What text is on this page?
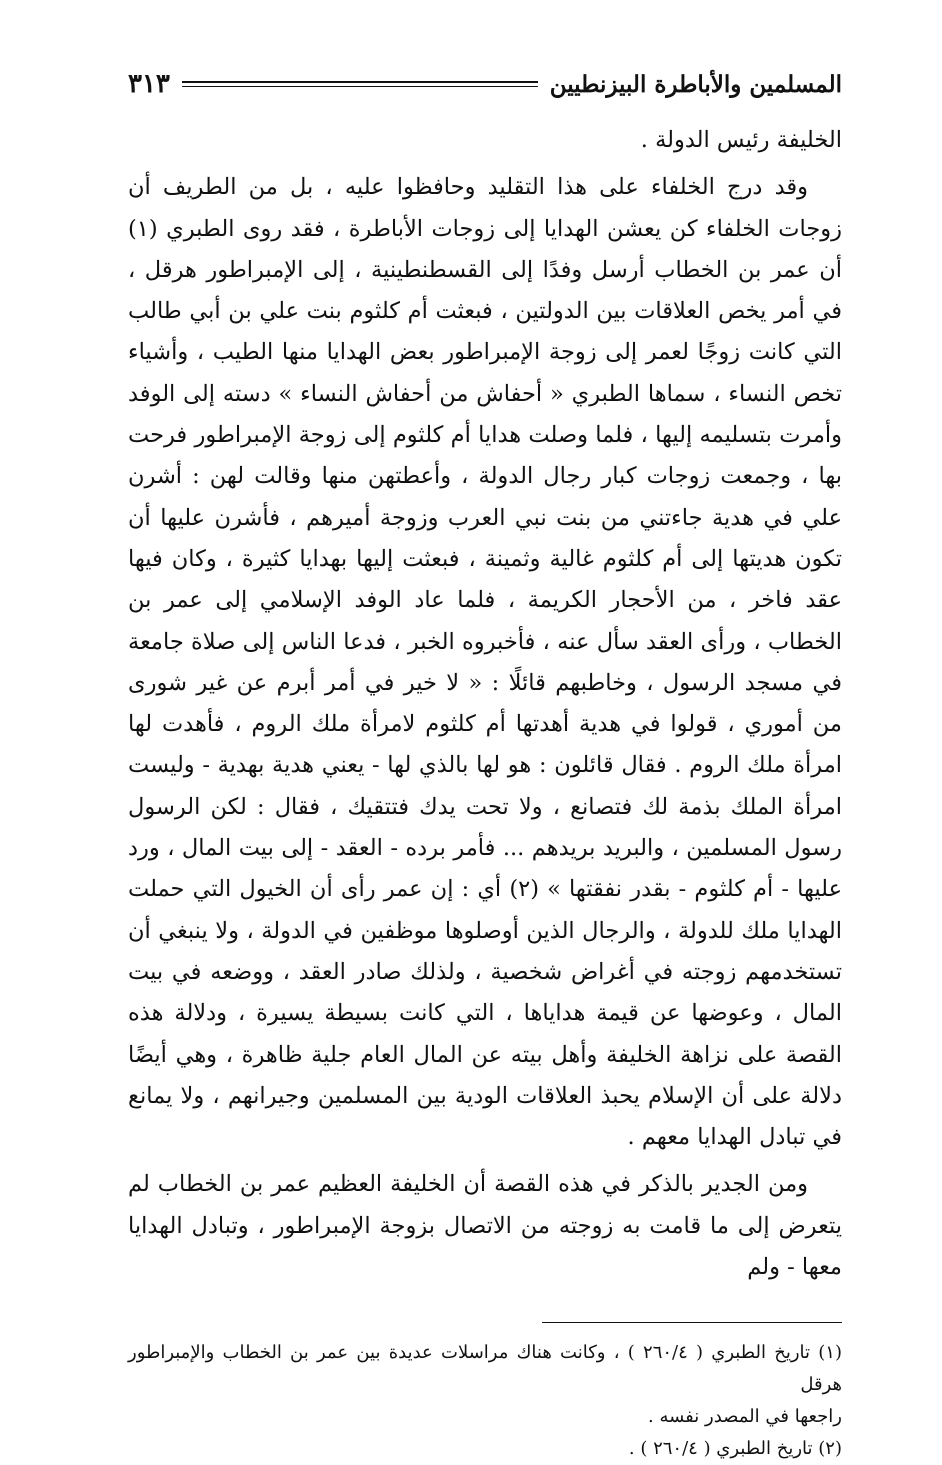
المسلمين والأباطرة البيزنطيين
٣١٣

الخليفة رئيس الدولة .

وقد درج الخلفاء على هذا التقليد وحافظوا عليه ، بل من الطريف أن زوجات الخلفاء كن يعشن الهدايا إلى زوجات الأباطرة ، فقد روى الطبري (١) أن عمر بن الخطاب أرسل وفدًا إلى القسطنطينية ، إلى الإمبراطور هرقل ، في أمر يخص العلاقات بين الدولتين ، فبعثت أم كلثوم بنت علي بن أبي طالب التي كانت زوجًا لعمر إلى زوجة الإمبراطور بعض الهدايا منها الطيب ، وأشياء تخص النساء ، سماها الطبري « أحفاش من أحفاش النساء » دسته إلى الوفد وأمرت بتسليمه إليها ، فلما وصلت هدايا أم كلثوم إلى زوجة الإمبراطور فرحت بها ، وجمعت زوجات كبار رجال الدولة ، وأعطتهن منها وقالت لهن : أشرن علي في هدية جاءتني من بنت نبي العرب وزوجة أميرهم ، فأشرن عليها أن تكون هديتها إلى أم كلثوم غالية وثمينة ، فبعثت إليها بهدايا كثيرة ، وكان فيها عقد فاخر ، من الأحجار الكريمة ، فلما عاد الوفد الإسلامي إلى عمر بن الخطاب ، ورأى العقد سأل عنه ، فأخبروه الخبر ، فدعا الناس إلى صلاة جامعة في مسجد الرسول ، وخاطبهم قائلًا : « لا خير في أمر أبرم عن غير شورى من أموري ، قولوا في هدية أهدتها أم كلثوم لامرأة ملك الروم ، فأهدت لها امرأة ملك الروم . فقال قائلون : هو لها بالذي لها - يعني هدية بهدية - وليست امرأة الملك بذمة لك فتصانع ، ولا تحت يدك فتتقيك ، فقال : لكن الرسول رسول المسلمين ، والبريد بريدهم ... فأمر برده - العقد - إلى بيت المال ، ورد عليها - أم كلثوم - بقدر نفقتها » (٢) أي : إن عمر رأى أن الخيول التي حملت الهدايا ملك للدولة ، والرجال الذين أوصلوها موظفين في الدولة ، ولا ينبغي أن تستخدمهم زوجته في أغراض شخصية ، ولذلك صادر العقد ، ووضعه في بيت المال ، وعوضها عن قيمة هداياها ، التي كانت بسيطة يسيرة ، ودلالة هذه القصة على نزاهة الخليفة وأهل بيته عن المال العام جلية ظاهرة ، وهي أيضًا دلالة على أن الإسلام يحبذ العلاقات الودية بين المسلمين وجيرانهم ، ولا يمانع في تبادل الهدايا معهم .

ومن الجدير بالذكر في هذه القصة أن الخليفة العظيم عمر بن الخطاب لم يتعرض إلى ما قامت به زوجته من الاتصال بزوجة الإمبراطور ، وتبادل الهدايا معها - ولم

(١) تاريخ الطبري ( ٢٦٠/٤ ) ، وكانت هناك مراسلات عديدة بين عمر بن الخطاب والإمبراطور هرقل

راجعها في المصدر نفسه .

(٢) تاريخ الطبري ( ٢٦٠/٤ ) .
